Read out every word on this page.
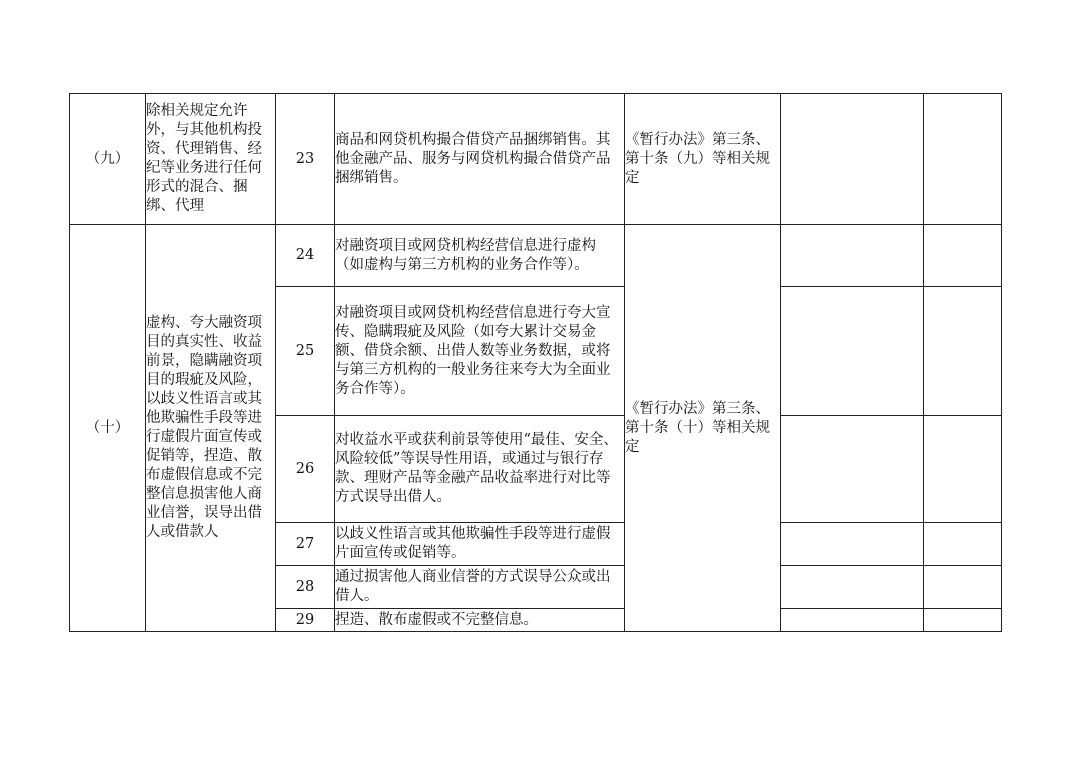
（九）	除相关规定允许外，与其他机构投资、代理销售、经纪等业务进行任何形式的混合、捆绑、代理	23	商品和网贷机构撮合借贷产品捆绑销售。其他金融产品、服务与网贷机构撮合借贷产品捆绑销售。	《暂行办法》第三条、第十条（九）等相关规定		
（十）	虚构、夸大融资项目的真实性、收益前景，隐瞒融资项目的瑕疵及风险，以歧义性语言或其他欺骗性手段等进行虚假片面宣传或促销等，捏造、散布虚假信息或不完整信息损害他人商业信誉，误导出借人或借款人	24	对融资项目或网贷机构经营信息进行虚构（如虚构与第三方机构的业务合作等）。	《暂行办法》第三条、第十条（十）等相关规定		
		25	对融资项目或网贷机构经营信息进行夸大宣传、隐瞒瑕疵及风险（如夸大累计交易金额、借贷余额、出借人数等业务数据，或将与第三方机构的一般业务往来夸大为全面业务合作等）。			
		26	对收益水平或获利前景等使用“最佳、安全、风险较低”等误导性用语，或通过与银行存款、理财产品等金融产品收益率进行对比等方式误导出借人。			
		27	以歧义性语言或其他欺骗性手段等进行虚假片面宣传或促销等。			
		28	通过损害他人商业信誉的方式误导公众或出借人。			
		29	捏造、散布虚假或不完整信息。			
